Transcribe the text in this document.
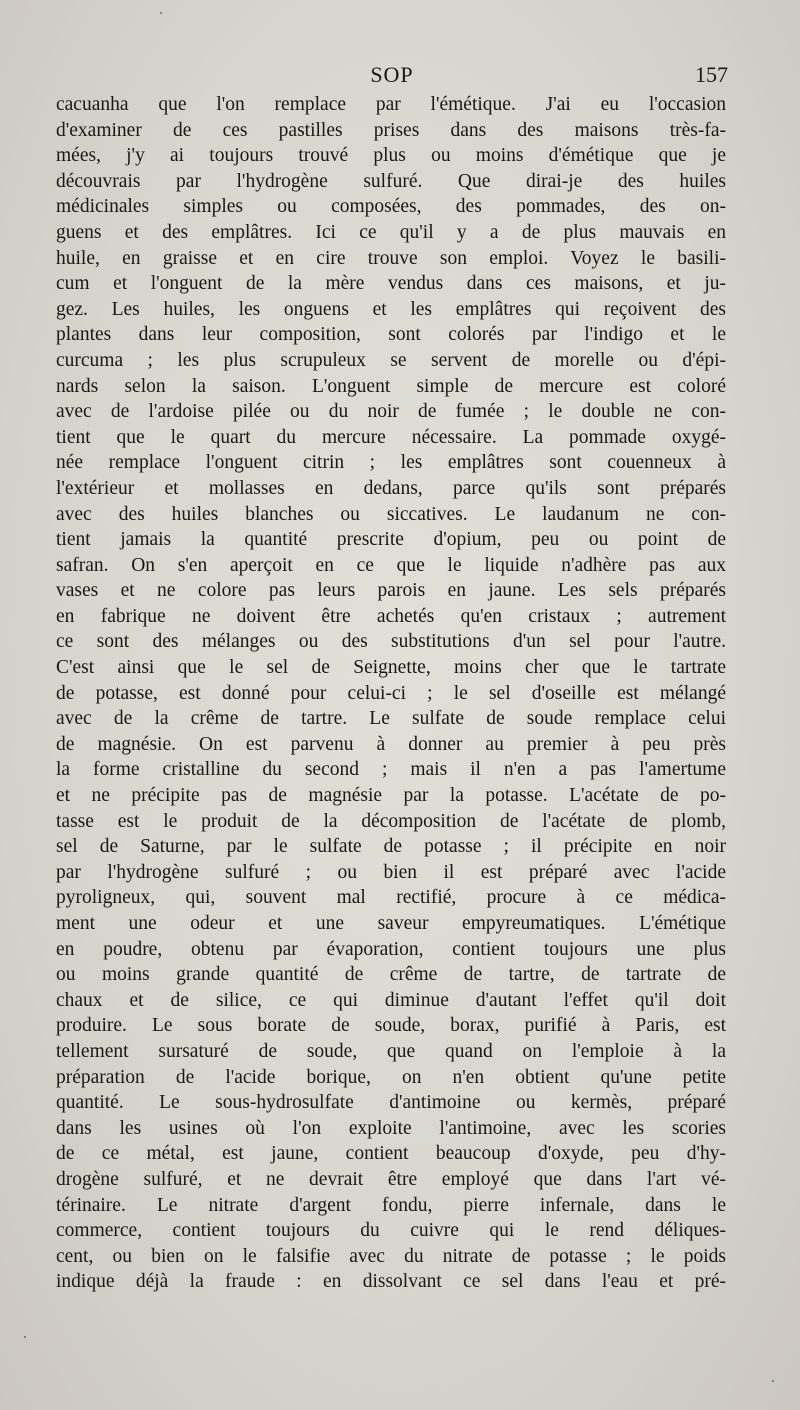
SOP	157
cacuanha que l'on remplace par l'émétique. J'ai eu l'occasion
d'examiner de ces pastilles prises dans des maisons très-fa-
mées, j'y ai toujours trouvé plus ou moins d'émétique que je
découvrais par l'hydrogène sulfuré. Que dirai-je des huiles
médicinales simples ou composées, des pommades, des on-
guens et des emplâtres. Ici ce qu'il y a de plus mauvais en
huile, en graisse et en cire trouve son emploi. Voyez le basili-
cum et l'onguent de la mère vendus dans ces maisons, et ju-
gez. Les huiles, les onguens et les emplâtres qui reçoivent des
plantes dans leur composition, sont colorés par l'indigo et le
curcuma ; les plus scrupuleux se servent de morelle ou d'épi-
nards selon la saison. L'onguent simple de mercure est coloré
avec de l'ardoise pilée ou du noir de fumée ; le double ne con-
tient que le quart du mercure nécessaire. La pommade oxygé-
née remplace l'onguent citrin ; les emplâtres sont couenneux à
l'extérieur et mollasses en dedans, parce qu'ils sont préparés
avec des huiles blanches ou siccatives. Le laudanum ne con-
tient jamais la quantité prescrite d'opium, peu ou point de
safran. On s'en aperçoit en ce que le liquide n'adhère pas aux
vases et ne colore pas leurs parois en jaune. Les sels préparés
en fabrique ne doivent être achetés qu'en cristaux ; autrement
ce sont des mélanges ou des substitutions d'un sel pour l'autre.
C'est ainsi que le sel de Seignette, moins cher que le tartrate
de potasse, est donné pour celui-ci ; le sel d'oseille est mélangé
avec de la crême de tartre. Le sulfate de soude remplace celui
de magnésie. On est parvenu à donner au premier à peu près
la forme cristalline du second ; mais il n'en a pas l'amertume
et ne précipite pas de magnésie par la potasse. L'acétate de po-
tasse est le produit de la décomposition de l'acétate de plomb,
sel de Saturne, par le sulfate de potasse ; il précipite en noir
par l'hydrogène sulfuré ; ou bien il est préparé avec l'acide
pyroligneux, qui, souvent mal rectifié, procure à ce médica-
ment une odeur et une saveur empyreumatiques. L'émétique
en poudre, obtenu par évaporation, contient toujours une plus
ou moins grande quantité de crême de tartre, de tartrate de
chaux et de silice, ce qui diminue d'autant l'effet qu'il doit
produire. Le sous borate de soude, borax, purifié à Paris, est
tellement sursaturé de soude, que quand on l'emploie à la
préparation de l'acide borique, on n'en obtient qu'une petite
quantité. Le sous-hydrosulfate d'antimoine ou kermès, préparé
dans les usines où l'on exploite l'antimoine, avec les scories
de ce métal, est jaune, contient beaucoup d'oxyde, peu d'hy-
drogène sulfuré, et ne devrait être employé que dans l'art vé-
térinaire. Le nitrate d'argent fondu, pierre infernale, dans le
commerce, contient toujours du cuivre qui le rend déliques-
cent, ou bien on le falsifie avec du nitrate de potasse ; le poids
indique déjà la fraude : en dissolvant ce sel dans l'eau et pré-
